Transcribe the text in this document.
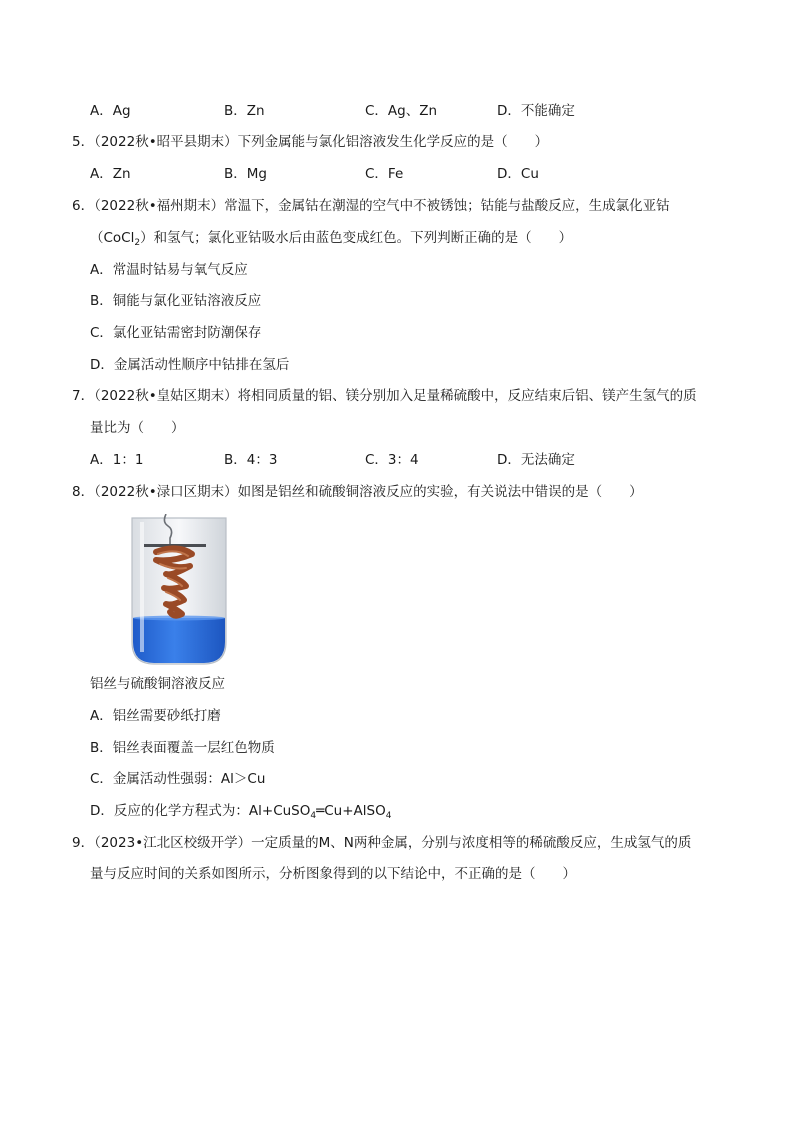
A．Ag	B．Zn	C．Ag、Zn	D．不能确定
5．（2022秋•昭平县期末）下列金属能与氯化铝溶液发生化学反应的是（　　）
A．Zn	B．Mg	C．Fe	D．Cu
6．（2022秋•福州期末）常温下，金属钴在潮湿的空气中不被锈蚀；钴能与盐酸反应，生成氯化亚钴
（CoCl$_2$）和氢气；氯化亚钴吸水后由蓝色变成红色。下列判断正确的是（　　）
A．常温时钴易与氧气反应
B．铜能与氯化亚钴溶液反应
C．氯化亚钴需密封防潮保存
D．金属活动性顺序中钴排在氢后
7．（2022秋•皇姑区期末）将相同质量的铝、镁分别加入足量稀硫酸中，反应结束后铝、镁产生氢气的质
量比为（　　）
A．1：1	B．4：3	C．3：4	D．无法确定
8．（2022秋•渌口区期末）如图是铝丝和硫酸铜溶液反应的实验，有关说法中错误的是（　　）
铝丝与硫酸铜溶液反应
A．铝丝需要砂纸打磨
B．铝丝表面覆盖一层红色物质
C．金属活动性强弱：Al＞Cu
D．反应的化学方程式为：Al+CuSO$_4$═Cu+AlSO$_4$
9．（2023•江北区校级开学）一定质量的M、N两种金属，分别与浓度相等的稀硫酸反应，生成氢气的质
量与反应时间的关系如图所示，分析图象得到的以下结论中，不正确的是（　　）
